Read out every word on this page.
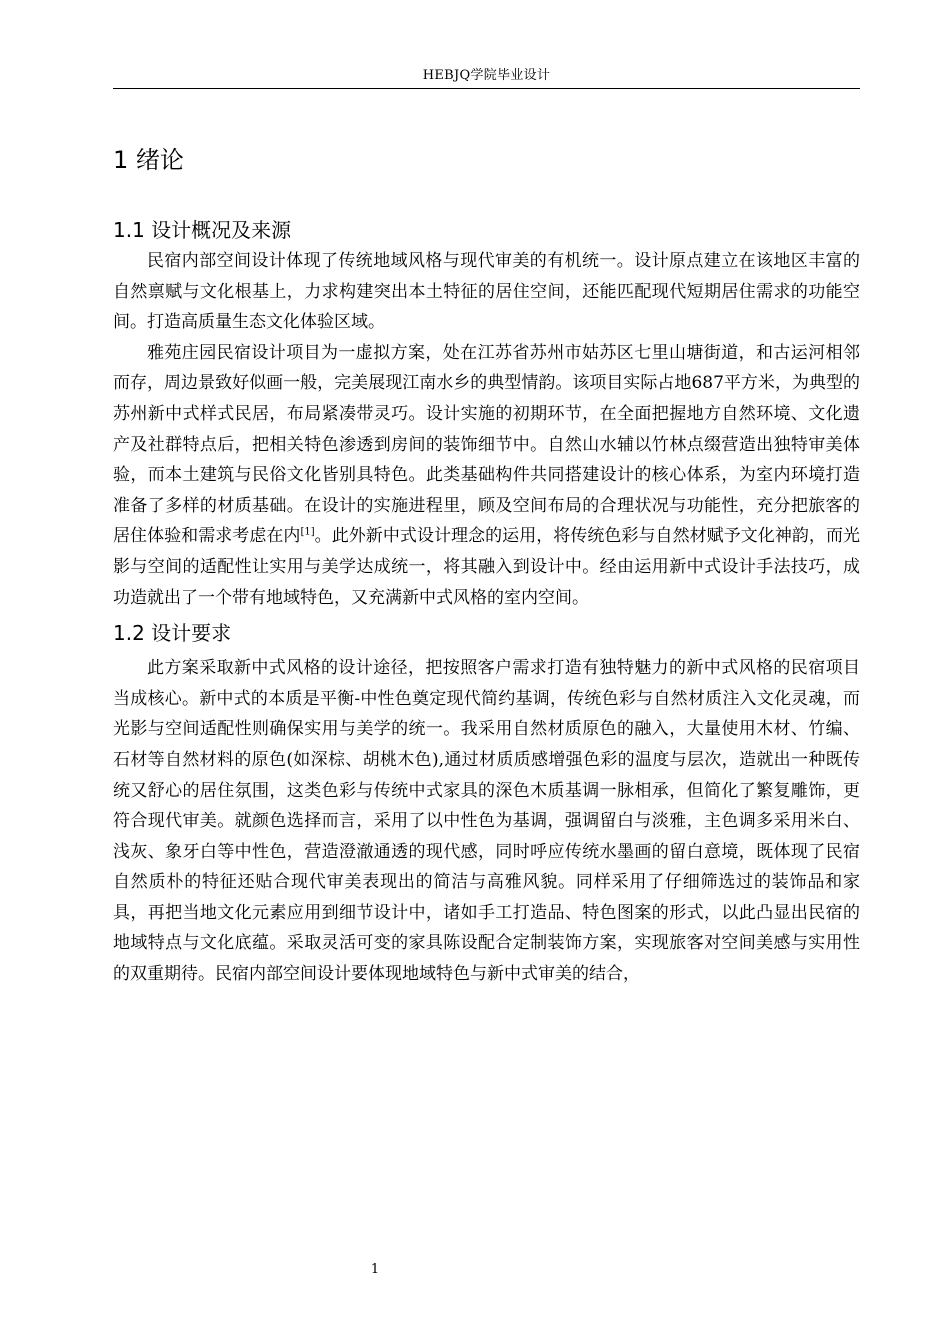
HEBJQ学院毕业设计
1 绪论
1.1 设计概况及来源

民宿内部空间设计体现了传统地域风格与现代审美的有机统一。设计原点建立在该地区丰富的自然禀赋与文化根基上，力求构建突出本土特征的居住空间，还能匹配现代短期居住需求的功能空间。打造高质量生态文化体验区域。

雅苑庄园民宿设计项目为一虚拟方案，处在江苏省苏州市姑苏区七里山塘街道，和古运河相邻而存，周边景致好似画一般，完美展现江南水乡的典型情韵。该项目实际占地687平方米，为典型的苏州新中式样式民居，布局紧凑带灵巧。设计实施的初期环节，在全面把握地方自然环境、文化遗产及社群特点后，把相关特色渗透到房间的装饰细节中。自然山水辅以竹林点缀营造出独特审美体验，而本土建筑与民俗文化皆别具特色。此类基础构件共同搭建设计的核心体系，为室内环境打造准备了多样的材质基础。在设计的实施进程里，顾及空间布局的合理状况与功能性，充分把旅客的居住体验和需求考虑在内[1]。此外新中式设计理念的运用，将传统色彩与自然材赋予文化神韵，而光影与空间的适配性让实用与美学达成统一，将其融入到设计中。经由运用新中式设计手法技巧，成功造就出了一个带有地域特色，又充满新中式风格的室内空间。

1.2 设计要求

此方案采取新中式风格的设计途径，把按照客户需求打造有独特魅力的新中式风格的民宿项目当成核心。新中式的本质是平衡-中性色奠定现代简约基调，传统色彩与自然材质注入文化灵魂，而光影与空间适配性则确保实用与美学的统一。我采用自然材质原色的融入，大量使用木材、竹编、石材等自然材料的原色(如深棕、胡桃木色),通过材质质感增强色彩的温度与层次，造就出一种既传统又舒心的居住氛围，这类色彩与传统中式家具的深色木质基调一脉相承，但简化了繁复雕饰，更符合现代审美。就颜色选择而言，采用了以中性色为基调，强调留白与淡雅，主色调多采用米白、浅灰、象牙白等中性色，营造澄澈通透的现代感，同时呼应传统水墨画的留白意境，既体现了民宿自然质朴的特征还贴合现代审美表现出的简洁与高雅风貌。同样采用了仔细筛选过的装饰品和家具，再把当地文化元素应用到细节设计中，诸如手工打造品、特色图案的形式，以此凸显出民宿的地域特点与文化底蕴。采取灵活可变的家具陈设配合定制装饰方案，实现旅客对空间美感与实用性的双重期待。民宿内部空间设计要体现地域特色与新中式审美的结合，

1
